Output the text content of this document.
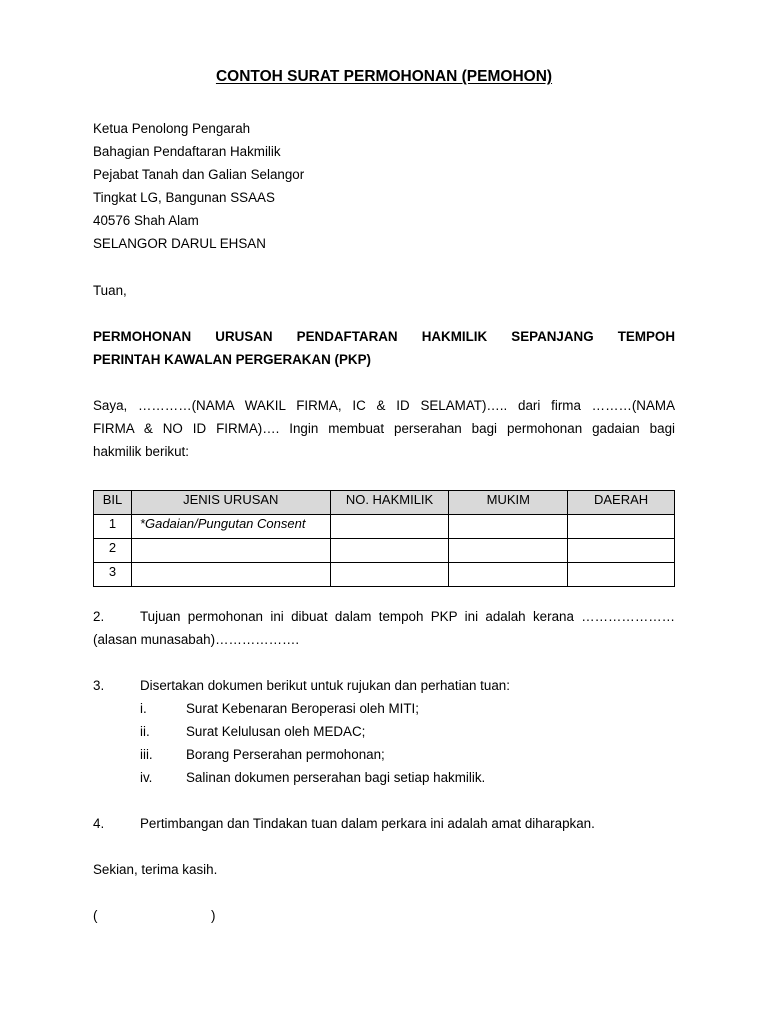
CONTOH SURAT PERMOHONAN (PEMOHON)
Ketua Penolong Pengarah
Bahagian Pendaftaran Hakmilik
Pejabat Tanah dan Galian Selangor
Tingkat LG, Bangunan SSAAS
40576 Shah Alam
SELANGOR DARUL EHSAN
Tuan,
PERMOHONAN URUSAN PENDAFTARAN HAKMILIK SEPANJANG TEMPOH
PERINTAH KAWALAN PERGERAKAN (PKP)
Saya, …………(NAMA WAKIL FIRMA, IC & ID SELAMAT)….. dari firma ………(NAMA
FIRMA & NO ID FIRMA)…. Ingin membuat perserahan bagi permohonan gadaian bagi
hakmilik berikut:
BIL	JENIS URUSAN	NO. HAKMILIK	MUKIM	DAERAH
1	*Gadaian/Pungutan Consent			
2				
3				
2.	Tujuan permohonan ini dibuat dalam tempoh PKP ini adalah kerana …………………
(alasan munasabah)……………….
3.	Disertakan dokumen berikut untuk rujukan dan perhatian tuan:
i.	Surat Kebenaran Beroperasi oleh MITI;
ii.	Surat Kelulusan oleh MEDAC;
iii. Borang Perserahan permohonan;
iv.	Salinan dokumen perserahan bagi setiap hakmilik.
4.	Pertimbangan dan Tindakan tuan dalam perkara ini adalah amat diharapkan.
Sekian, terima kasih.
(	)
